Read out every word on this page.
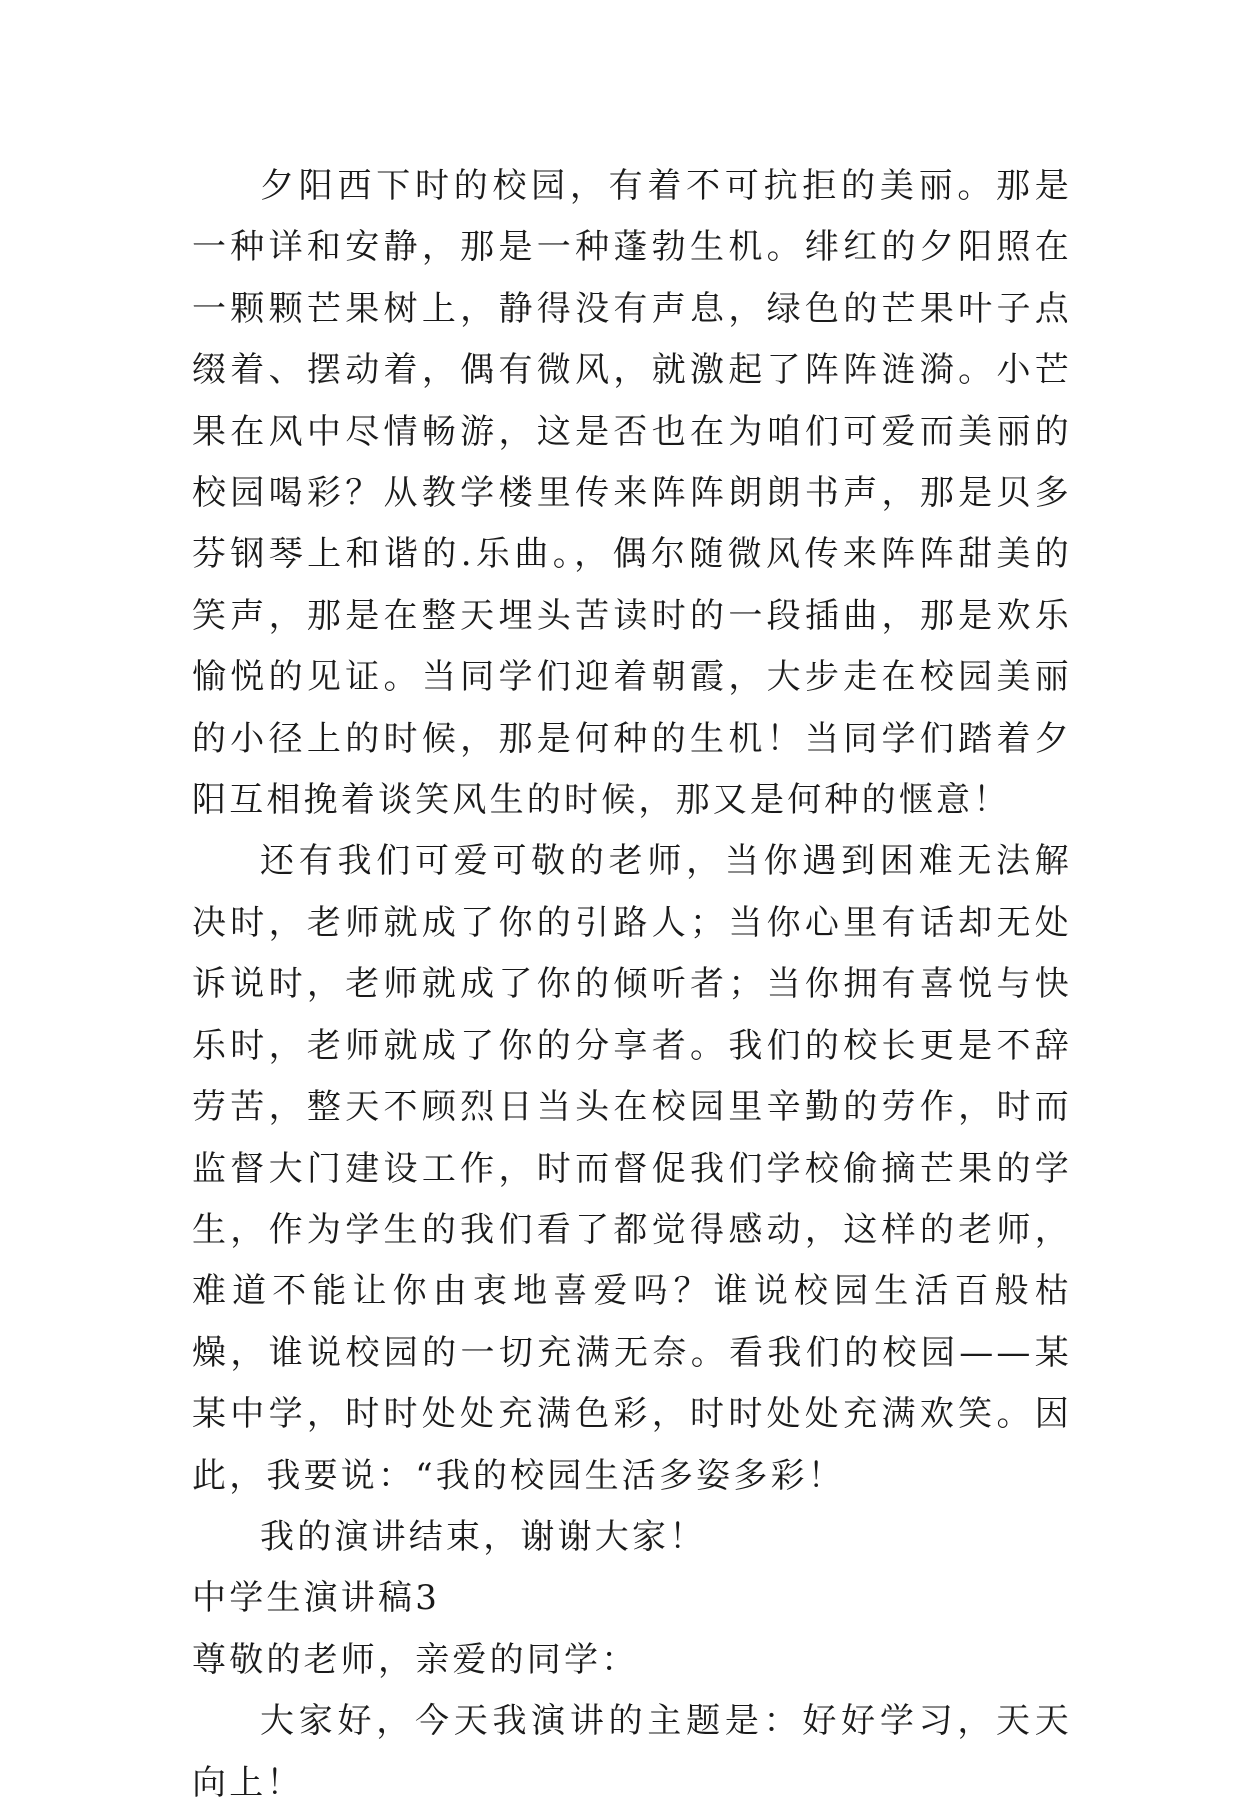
夕阳西下时的校园，有着不可抗拒的美丽。那是一种详和安静，那是一种蓬勃生机。绯红的夕阳照在一颗颗芒果树上，静得没有声息，绿色的芒果叶子点缀着、摆动着，偶有微风，就激起了阵阵涟漪。小芒果在风中尽情畅游，这是否也在为咱们可爱而美丽的校园喝彩？从教学楼里传来阵阵朗朗书声，那是贝多芬钢琴上和谐的.乐曲。，偶尔随微风传来阵阵甜美的笑声，那是在整天埋头苦读时的一段插曲，那是欢乐愉悦的见证。当同学们迎着朝霞，大步走在校园美丽的小径上的时候，那是何种的生机！当同学们踏着夕阳互相挽着谈笑风生的时候，那又是何种的惬意！

还有我们可爱可敬的老师，当你遇到困难无法解决时，老师就成了你的引路人；当你心里有话却无处诉说时，老师就成了你的倾听者；当你拥有喜悦与快乐时，老师就成了你的分享者。我们的校长更是不辞劳苦，整天不顾烈日当头在校园里辛勤的劳作，时而监督大门建设工作，时而督促我们学校偷摘芒果的学生，作为学生的我们看了都觉得感动，这样的老师，难道不能让你由衷地喜爱吗？谁说校园生活百般枯燥，谁说校园的一切充满无奈。看我们的校园——某某中学，时时处处充满色彩，时时处处充满欢笑。因此，我要说：“我的校园生活多姿多彩！

我的演讲结束，谢谢大家！

中学生演讲稿3

尊敬的老师，亲爱的同学：

大家好，今天我演讲的主题是：好好学习，天天向上！
